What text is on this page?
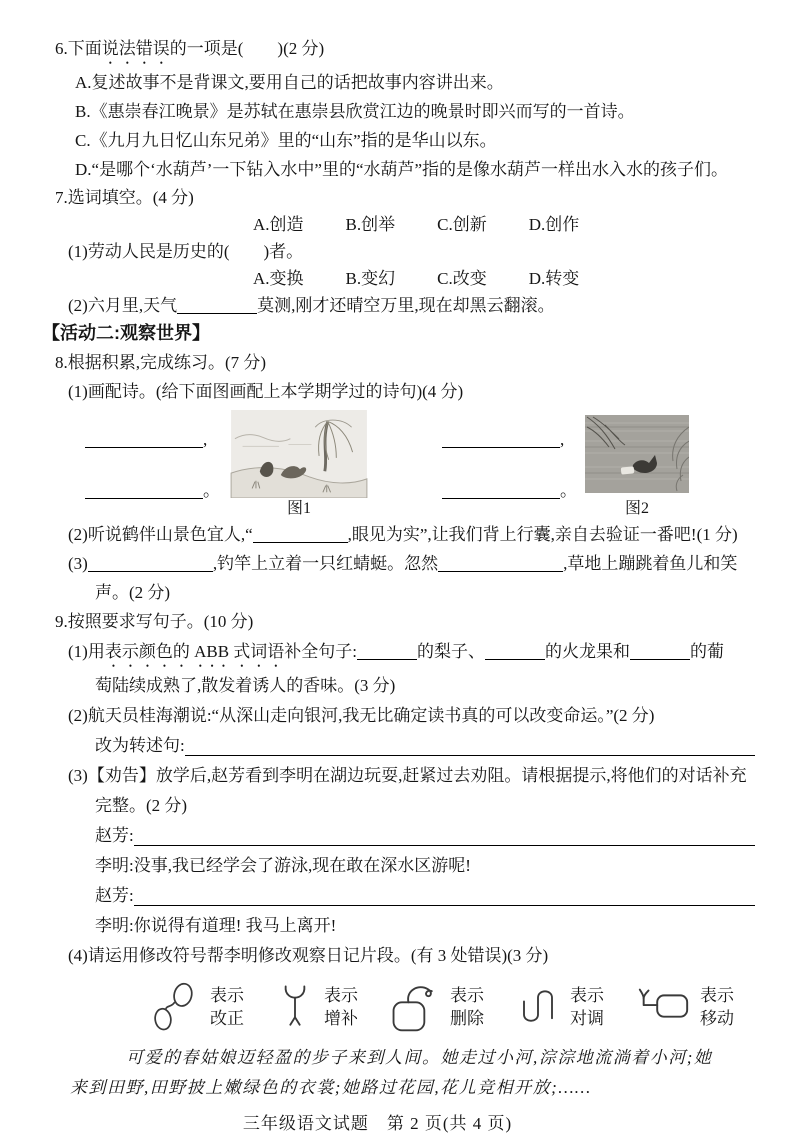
6.下面说法错误的一项是(　　)(2 分)
A.复述故事不是背课文,要用自己的话把故事内容讲出来。
B.《惠崇春江晚景》是苏轼在惠崇县欣赏江边的晚景时即兴而写的一首诗。
C.《九月九日忆山东兄弟》里的“山东”指的是华山以东。
D.“是哪个‘水葫芦’一下钻入水中”里的“水葫芦”指的是像水葫芦一样出水入水的孩子们。
7.选词填空。(4 分)
A.创造 B.创举 C.创新 D.创作
(1)劳动人民是历史的(　　)者。
A.变换 B.变幻 C.改变 D.转变
(2)六月里,天气	莫测,刚才还晴空万里,现在却黑云翻滚。
【活动二:观察世界】
8.根据积累,完成练习。(7 分)
(1)画配诗。(给下面图画配上本学期学过的诗句)(4 分)
,
。
图1
,
。
图2
(2)听说鹤伴山景色宜人,“	,眼见为实”,让我们背上行囊,亲自去验证一番吧!(1 分)
(3)	,钓竿上立着一只红蜻蜓。忽然	,草地上蹦跳着鱼儿和笑
声。(2 分)
9.按照要求写句子。(10 分)
(1)用表示颜色的 ABB 式词语补全句子:	的梨子、	的火龙果和	的葡
萄陆续成熟了,散发着诱人的香味。(3 分)
(2)航天员桂海潮说:“从深山走向银河,我无比确定读书真的可以改变命运。”(2 分)
改为转述句:
(3)【劝告】放学后,赵芳看到李明在湖边玩耍,赶紧过去劝阻。请根据提示,将他们的对话补充
完整。(2 分)
赵芳:
李明:没事,我已经学会了游泳,现在敢在深水区游呢!
赵芳:
李明:你说得有道理! 我马上离开!
(4)请运用修改符号帮李明修改观察日记片段。(有 3 处错误)(3 分)
表示
改正
表示
增补
表示
删除
表示
对调
表示
移动
可爱的春姑娘迈轻盈的步子来到人间。她走过小河,淙淙地流淌着小河;她来到田野,田野披上嫩绿色的衣裳;她路过花园,花儿竞相开放;……
三年级语文试题　第 2 页(共 4 页)
